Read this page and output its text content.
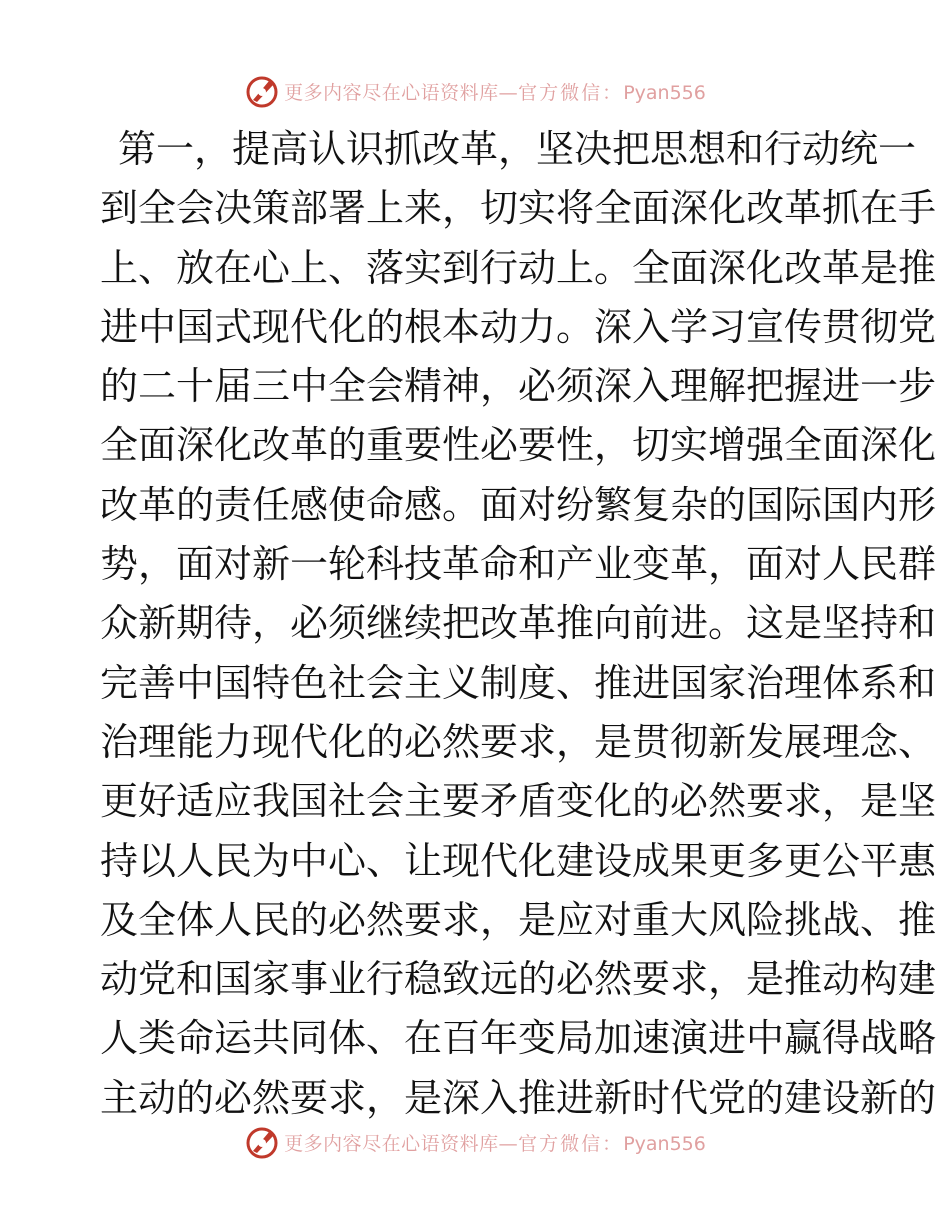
更多内容尽在心语资料库— 官方微信：Pyan556
第一，提高认识抓改革，坚决把思想和行动统一
到全会决策部署上来，切实将全面深化改革抓在手
上、放在心上、落实到行动上。全面深化改革是推
进中国式现代化的根本动力。深入学习宣传贯彻党
的二十届三中全会精神，必须深入理解把握进一步
全面深化改革的重要性必要性，切实增强全面深化
改革的责任感使命感。面对纷繁复杂的国际国内形
势，面对新一轮科技革命和产业变革，面对人民群
众新期待，必须继续把改革推向前进。这是坚持和
完善中国特色社会主义制度、推进国家治理体系和
治理能力现代化的必然要求，是贯彻新发展理念、
更好适应我国社会主要矛盾变化的必然要求，是坚
持以人民为中心、让现代化建设成果更多更公平惠
及全体人民的必然要求，是应对重大风险挑战、推
动党和国家事业行稳致远的必然要求，是推动构建
人类命运共同体、在百年变局加速演进中赢得战略
主动的必然要求，是深入推进新时代党的建设新的
更多内容尽在心语资料库— 官方微信：Pyan556
